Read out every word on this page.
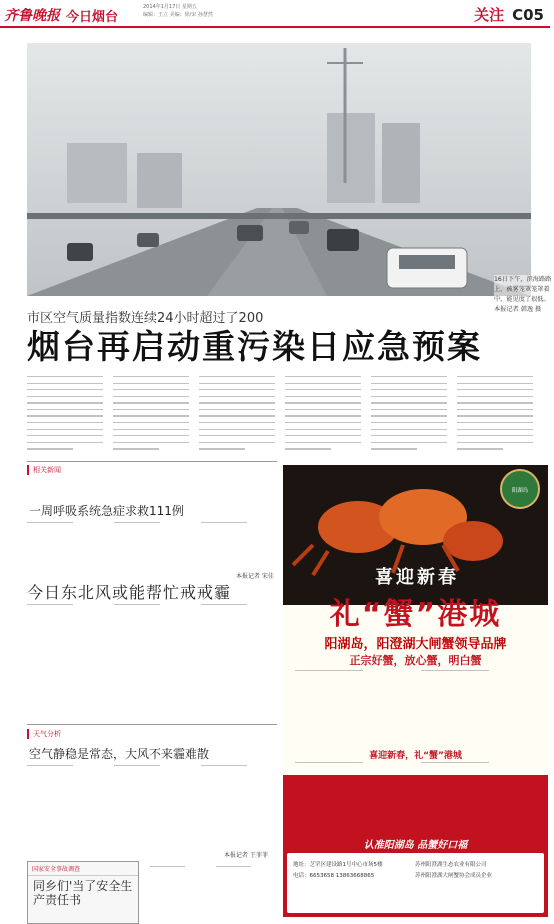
齐鲁晚报 今日烟台
2014年1月17日 星期五
编辑：王立 美编：徐/宋 孙慧然	关注 C05
16日下午，滨海路路上，被雾笼罩笼罩着中，能见度了很低。 本报记者 韩逸 摄
市区空气质量指数连续24小时超过了200
烟台再启动重污染日应急预案
相关新闻
一周呼吸系统急症求救111例
本报记者 宋佳
今日东北风或能帮忙戒戒霾
天气分析
空气静稳是常态，大风不来霾难散
本报记者 王菲菲
国家安全事故调查
同乡们'当了安全生产责任书
阳湖岛
喜迎新春
礼“蟹”港城
阳湖岛，阳澄湖大闸蟹领导品牌
正宗好蟹，放心蟹，明白蟹
喜迎新春，礼“蟹”港城
认准阳湖岛 品蟹好口福
地址：芝罘区建设路1号中心市场5楼
电话：6653658 13863668865
苏州阳澄湖生态农业有限公司
苏州阳澄湖大闸蟹协会成员企业
